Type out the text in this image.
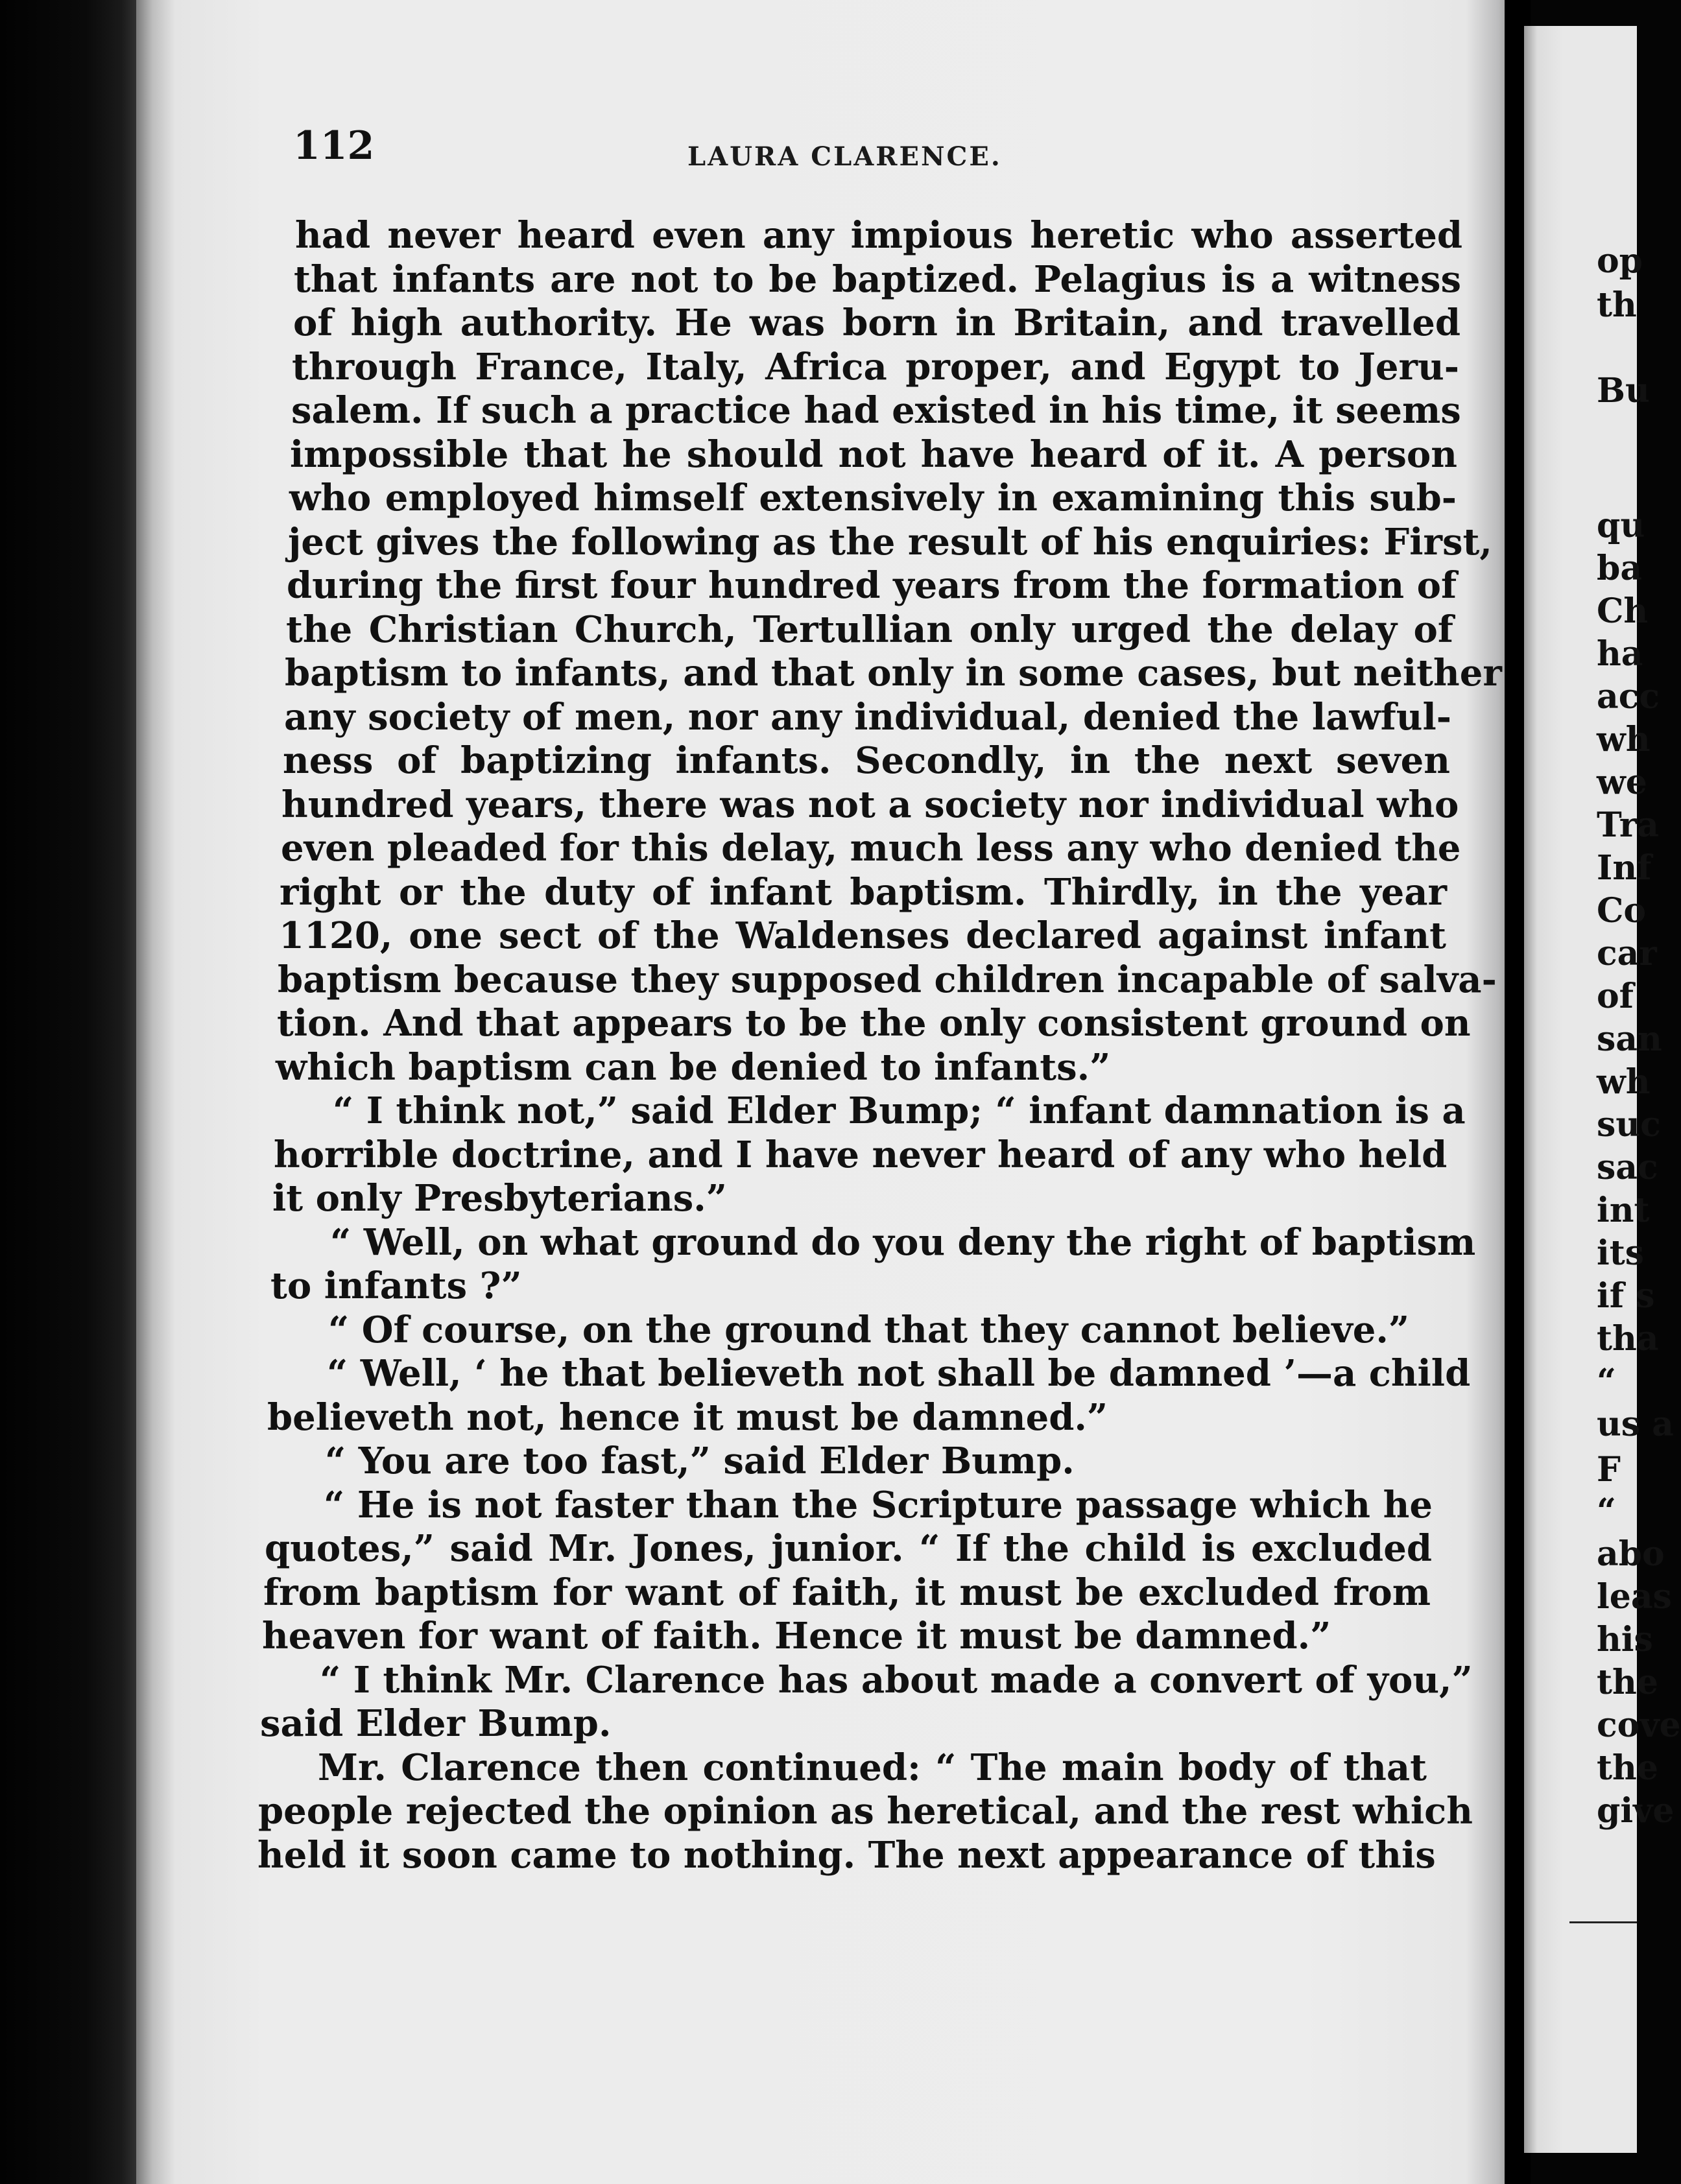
112	LAURA CLARENCE.
had never heard even any impious heretic who asserted
that infants are not to be baptized. Pelagius is a witness
of high authority. He was born in Britain, and travelled
through France, Italy, Africa proper, and Egypt to Jeru-
salem. If such a practice had existed in his time, it seems
impossible that he should not have heard of it. A person
who employed himself extensively in examining this sub-
ject gives the following as the result of his enquiries: First,
during the first four hundred years from the formation of
the Christian Church, Tertullian only urged the delay of
baptism to infants, and that only in some cases, but neither
any society of men, nor any individual, denied the lawful-
ness of baptizing infants. Secondly, in the next seven
hundred years, there was not a society nor individual who
even pleaded for this delay, much less any who denied the
right or the duty of infant baptism. Thirdly, in the year
1120, one sect of the Waldenses declared against infant
baptism because they supposed children incapable of salva-
tion. And that appears to be the only consistent ground on
which baptism can be denied to infants.”
“ I think not,” said Elder Bump; “ infant damnation is a
horrible doctrine, and I have never heard of any who held
it only Presbyterians.”
“ Well, on what ground do you deny the right of baptism
to infants ?”
“ Of course, on the ground that they cannot believe.”
“ Well, ‘ he that believeth not shall be damned ’—a child
believeth not, hence it must be damned.”
“ You are too fast,” said Elder Bump.
“ He is not faster than the Scripture passage which he
quotes,” said Mr. Jones, junior. “ If the child is excluded
from baptism for want of faith, it must be excluded from
heaven for want of faith. Hence it must be damned.”
“ I think Mr. Clarence has about made a convert of you,”
said Elder Bump.
Mr. Clarence then continued: “ The main body of that
people rejected the opinion as heretical, and the rest which
held it soon came to nothing. The next appearance of this
op
th
Bu
qu
ba
Ch
ha
acc
wh
we
Tra
Inf
Co
car
of
san
wh
suc
sac
int
its
if s
tha
“
us a
F
“
abo
leas
his
the
cove
the
give
